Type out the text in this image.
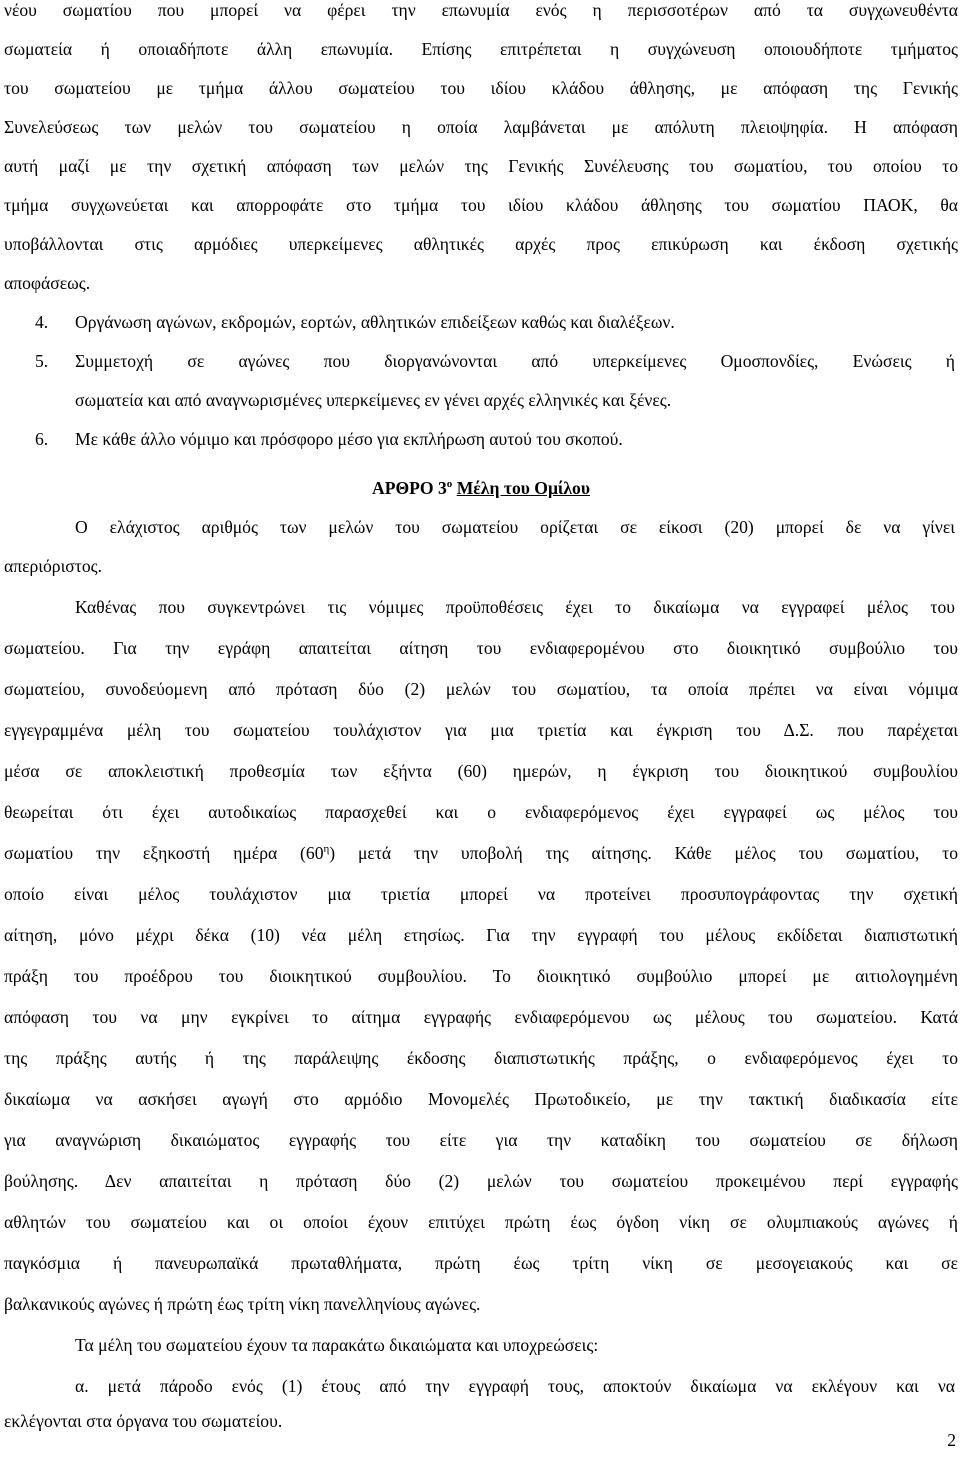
νέου σωματίου που μπορεί να φέρει την επωνυμία ενός η περισσοτέρων από τα συγχωνευθέντα
σωματεία ή οποιαδήποτε άλλη επωνυμία. Επίσης επιτρέπεται η συγχώνευση οποιουδήποτε τμήματος
του σωματείου με τμήμα άλλου σωματείου του ιδίου κλάδου άθλησης, με απόφαση της Γενικής
Συνελεύσεως των μελών του σωματείου η οποία λαμβάνεται με απόλυτη πλειοψηφία. Η απόφαση
αυτή μαζί με την σχετική απόφαση των μελών της Γενικής Συνέλευσης του σωματίου, του οποίου το
τμήμα συγχωνεύεται και απορροφάτε στο τμήμα του ιδίου κλάδου άθλησης του σωματίου ΠΑΟΚ, θα
υποβάλλονται στις αρμόδιες υπερκείμενες αθλητικές αρχές προς επικύρωση και έκδοση σχετικής
αποφάσεως.
4. Οργάνωση αγώνων, εκδρομών, εορτών, αθλητικών επιδείξεων καθώς και διαλέξεων.
5.	Συμμετοχή σε αγώνες που διοργανώνονται από υπερκείμενες Ομοσπονδίες, Ενώσεις ή
σωματεία και από αναγνωρισμένες υπερκείμενες εν γένει αρχές ελληνικές και ξένες.
6. Με κάθε άλλο νόμιμο και πρόσφορο μέσο για εκπλήρωση αυτού του σκοπού.
ΑΡΘΡΟ $3^o$ Μέλη του Ομίλου
Ο ελάχιστος αριθμός των μελών του σωματείου ορίζεται σε είκοσι (20) μπορεί δε να γίνει
απεριόριστος.
Καθένας που συγκεντρώνει τις νόμιμες προϋποθέσεις έχει το δικαίωμα να εγγραφεί μέλος του
σωματείου. Για την εγράφη απαιτείται αίτηση του ενδιαφερομένου στο διοικητικό συμβούλιο του
σωματείου, συνοδεύομενη από πρόταση δύο (2) μελών του σωματίου, τα οποία πρέπει να είναι νόμιμα
εγγεγραμμένα μέλη του σωματείου τουλάχιστον για μια τριετία και έγκριση του Δ.Σ. που παρέχεται
μέσα σε αποκλειστική προθεσμία των εξήντα (60) ημερών, η έγκριση του διοικητικού συμβουλίου
θεωρείται ότι έχει αυτοδικαίως παρασχεθεί και ο ενδιαφερόμενος έχει εγγραφεί ως μέλος του
σωματίου την εξηκοστή ημέρα $(60^\eta)$ μετά την υποβολή της αίτησης. Κάθε μέλος του σωματίου, το
οποίο είναι μέλος τουλάχιστον μια τριετία μπορεί να προτείνει προσυπογράφοντας την σχετική
αίτηση, μόνο μέχρι δέκα (10) νέα μέλη ετησίως. Για την εγγραφή του μέλους εκδίδεται διαπιστωτική
πράξη του προέδρου του διοικητικού συμβουλίου. Το διοικητικό συμβούλιο μπορεί με αιτιολογημένη
απόφαση του να μην εγκρίνει το αίτημα εγγραφής ενδιαφερόμενου ως μέλους του σωματείου. Κατά
της πράξης αυτής ή της παράλειψης έκδοσης διαπιστωτικής πράξης, ο ενδιαφερόμενος έχει το
δικαίωμα να ασκήσει αγωγή στο αρμόδιο Μονομελές Πρωτοδικείο, με την τακτική διαδικασία είτε
για αναγνώριση δικαιώματος εγγραφής του είτε για την καταδίκη του σωματείου σε δήλωση
βούλησης. Δεν απαιτείται η πρόταση δύο (2) μελών του σωματείου προκειμένου περί εγγραφής
αθλητών του σωματείου και οι οποίοι έχουν επιτύχει πρώτη έως όγδοη νίκη σε ολυμπιακούς αγώνες ή
παγκόσμια ή πανευρωπαϊκά πρωταθλήματα, πρώτη έως τρίτη νίκη σε μεσογειακούς και σε
βαλκανικούς αγώνες ή πρώτη έως τρίτη νίκη πανελληνίους αγώνες.
Τα μέλη του σωματείου έχουν τα παρακάτω δικαιώματα και υποχρεώσεις:
α. μετά πάροδο ενός (1) έτους από την εγγραφή τους, αποκτούν δικαίωμα να εκλέγουν και να
εκλέγονται στα όργανα του σωματείου.
2
